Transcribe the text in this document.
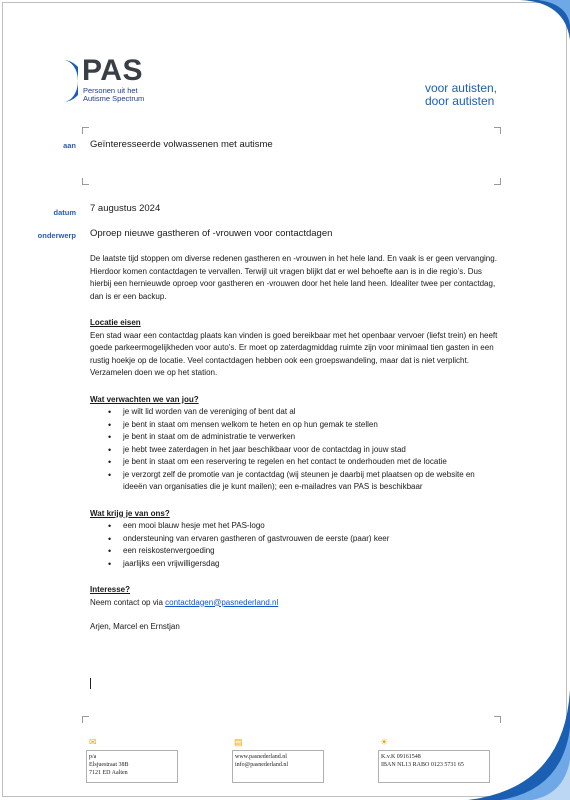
PAS
Personen uit het
Autisme Spectrum
voor autisten,
door autisten
aan Geïnteresseerde volwassenen met autisme
datum 7 augustus 2024
onderwerp Oproep nieuwe gastheren of -vrouwen voor contactdagen

De laatste tijd stoppen om diverse redenen gastheren en -vrouwen in het hele land. En vaak is er geen vervanging. Hierdoor komen contactdagen te vervallen. Terwijl uit vragen blijkt dat er wel behoefte aan is in die regio’s. Dus hierbij een hernieuwde oproep voor gastheren en -vrouwen door het hele land heen. Idealiter twee per contactdag, dan is er een backup.

Locatie eisen

Een stad waar een contactdag plaats kan vinden is goed bereikbaar met het openbaar vervoer (liefst trein) en heeft goede parkeermogelijkheden voor auto’s. Er moet op zaterdagmiddag ruimte zijn voor minimaal tien gasten in een rustig hoekje op de locatie. Veel contactdagen hebben ook een groepswandeling, maar dat is niet verplicht. Verzamelen doen we op het station.

Wat verwachten we van jou?

• je wilt lid worden van de vereniging of bent dat al
• je bent in staat om mensen welkom te heten en op hun gemak te stellen
• je bent in staat om de administratie te verwerken
• je hebt twee zaterdagen in het jaar beschikbaar voor de contactdag in jouw stad
• je bent in staat om een reservering te regelen en het contact te onderhouden met de locatie
• je verzorgt zelf de promotie van je contactdag (wij steunen je daarbij met plaatsen op de website en ideeën van organisaties die je kunt mailen); een e-mailadres van PAS is beschikbaar

Wat krijg je van ons?

• een mooi blauw hesje met het PAS-logo
• ondersteuning van ervaren gastheren of gastvrouwen de eerste (paar) keer
• een reiskostenvergoeding
• jaarlijks een vrijwilligersdag

Interesse?

Neem contact op via contactdagen@pasnederland.nl

Arjen, Marcel en Ernstjan

✉	▤	☀
p/a
Elsjuestraat 38B
7121 ED Aalten
www.pasnederland.nl
info@pasnederland.nl
K.v.K 09161548
IBAN NL13 RABO 0123 5731 65
